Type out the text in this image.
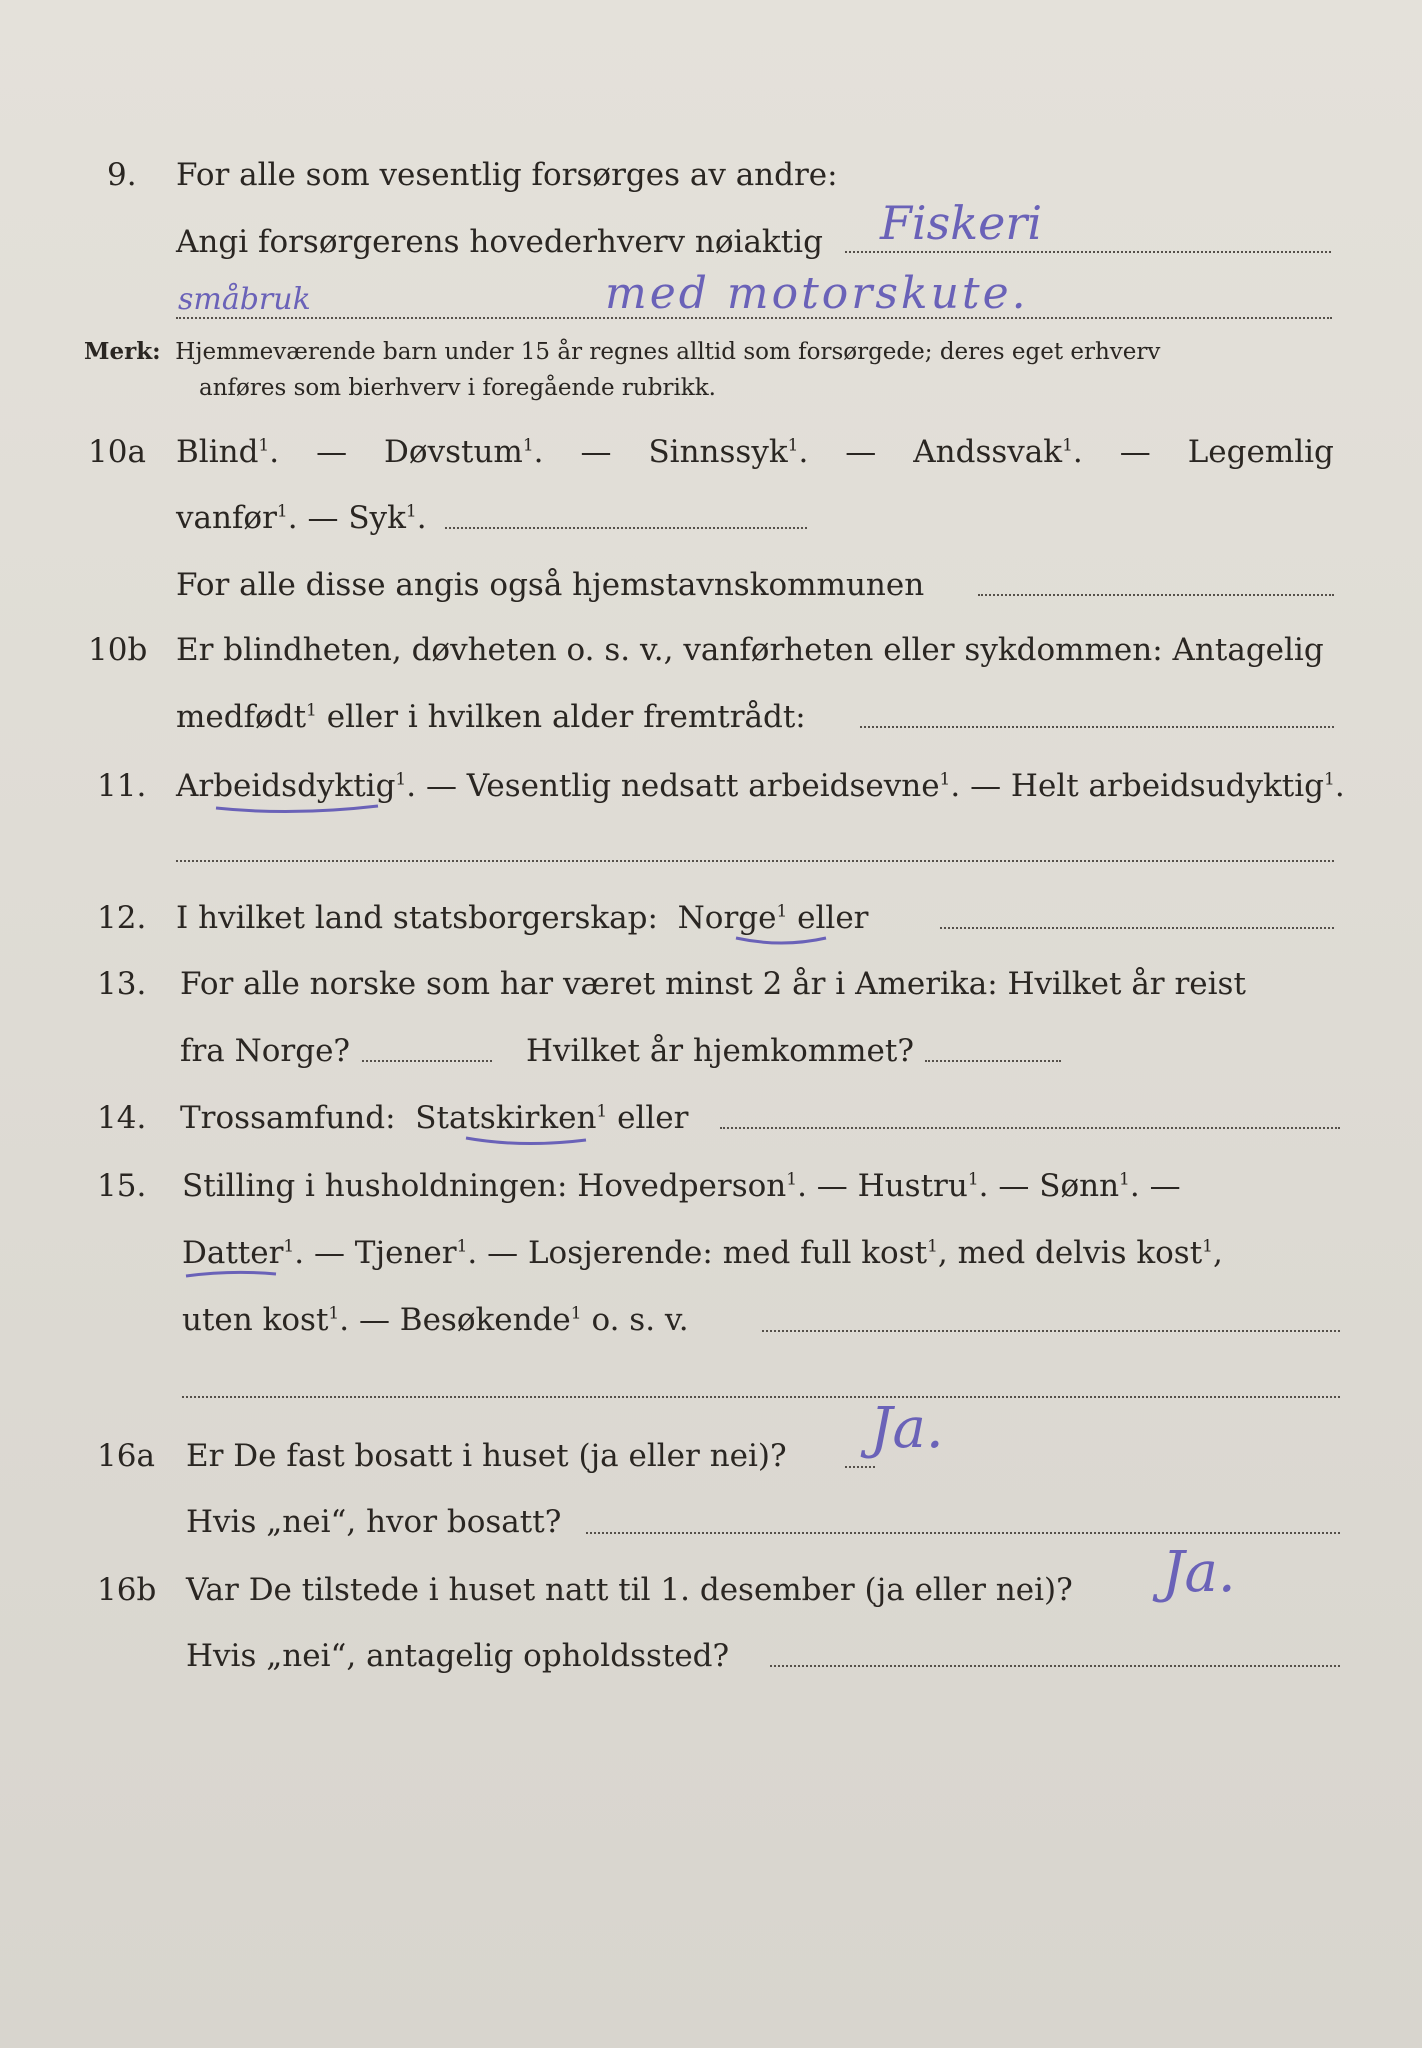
9. For alle som vesentlig forsørges av andre:
Angi forsørgerens hovederhverv nøiaktig Fiskeri
småbruk	med motorskute.
Merk: Hjemmeværende barn under 15 år regnes alltid som forsørgede; deres eget erhverv
anføres som bierhverv i foregående rubrikk.
10a Blind$^1$. — Døvstum$^1$. — Sinnssyk$^1$. — Andssvak$^1$. — Legemlig
vanfør$^1$. — Syk$^1$.
For alle disse angis også hjemstavnskommunen
10b Er blindheten, døvheten o. s. v., vanførheten eller sykdommen: Antagelig
medfødt$^1$ eller i hvilken alder fremtrådt:
11. Arbeidsdyktig$^1$. — Vesentlig nedsatt arbeidsevne$^1$. — Helt arbeidsudyktig$^1$.
12. I hvilket land statsborgerskap: Norge$^1$ eller
13. For alle norske som har været minst 2 år i Amerika: Hvilket år reist
fra Norge?	Hvilket år hjemkommet?
14. Trossamfund: Statskirken$^1$ eller
15. Stilling i husholdningen: Hovedperson$^1$. — Hustru$^1$. — Sønn$^1$. —
Datter$^1$. — Tjener$^1$. — Losjerende: med full kost$^1$, med delvis kost$^1$,
uten kost$^1$. — Besøkende$^1$ o. s. v.
16a Er De fast bosatt i huset (ja eller nei)? Ja.
Hvis „nei“, hvor bosatt?
16b Var De tilstede i huset natt til 1. desember (ja eller nei)? Ja.
Hvis „nei“, antagelig opholdssted?
